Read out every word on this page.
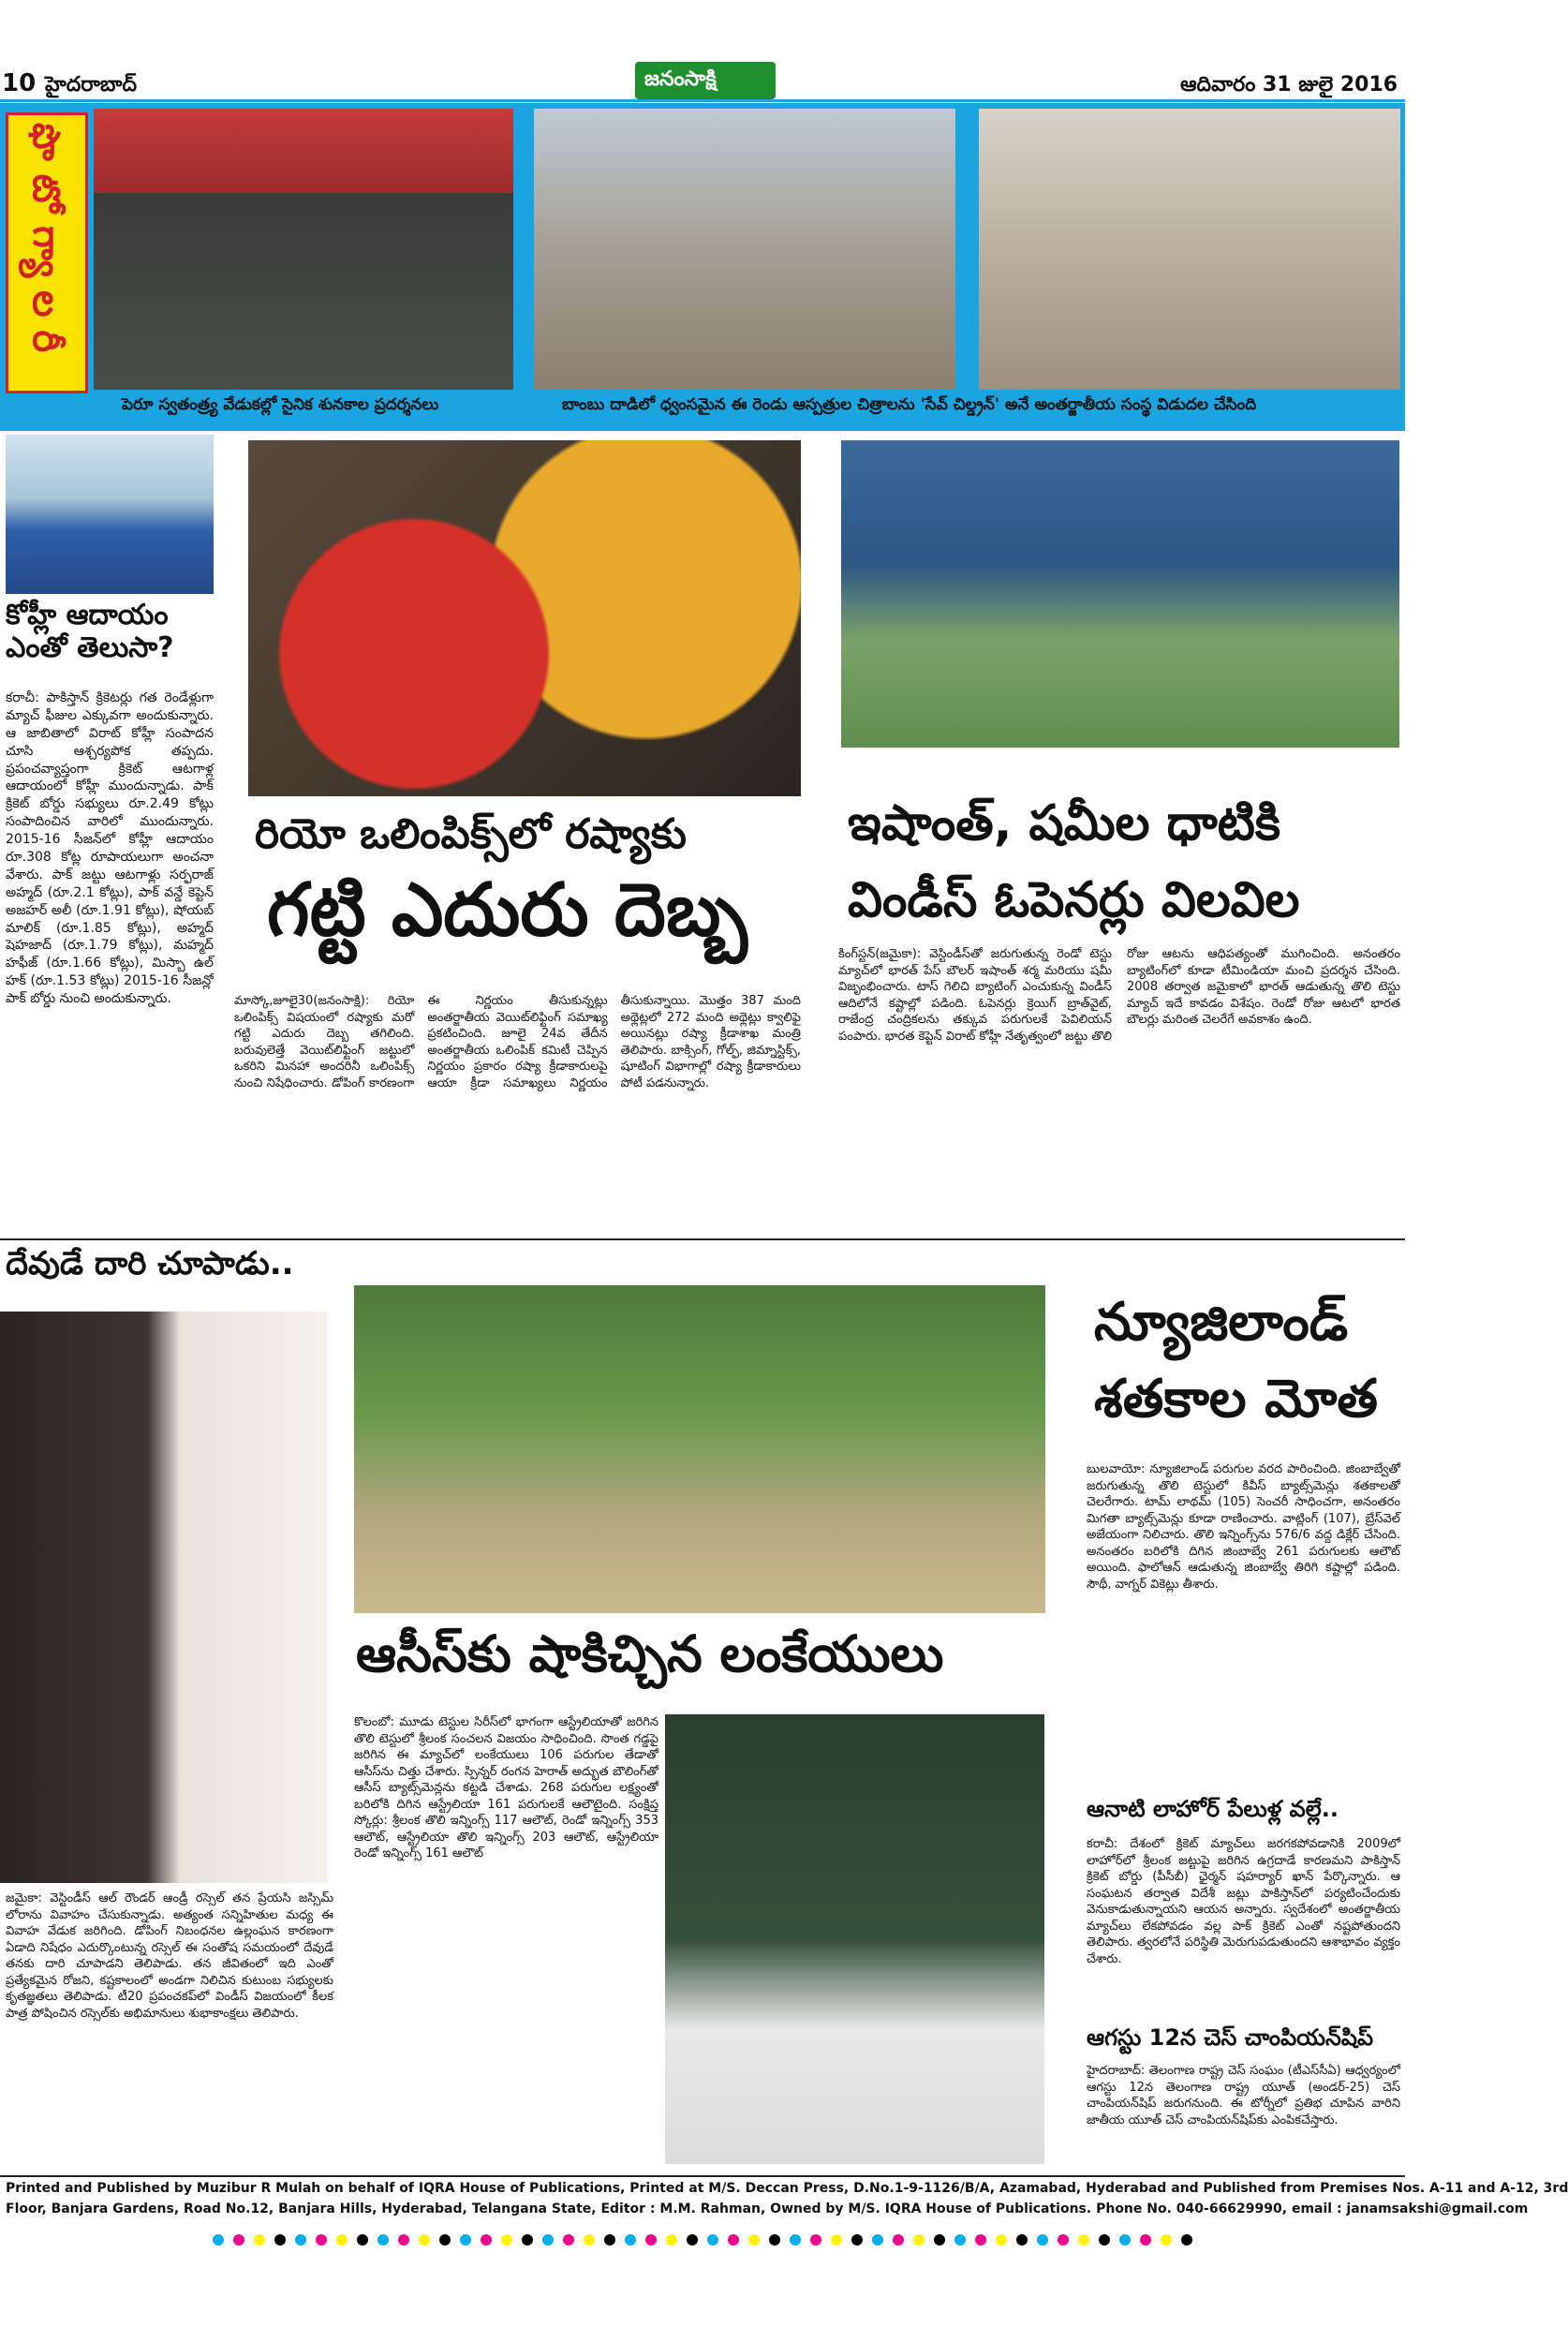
10 హైదరాబాద్	జనంసాక్షి	ఆదివారం 31 జులై 2016
ఫొ టో గ్యా ల రీ
పెరూ స్వతంత్ర్య వేడుకల్లో సైనిక శునకాల ప్రదర్శనలు	బాంబు దాడిలో ధ్వంసమైన ఈ రెండు ఆస్పత్రుల చిత్రాలను 'సేవ్ చిల్డ్రన్' అనే అంతర్జాతీయ సంస్థ విడుదల చేసింది
కోహ్లీ ఆదాయం ఎంతో తెలుసా?
కరాచీ: పాకిస్తాన్ క్రికెటర్లు గత రెండేళ్లుగా మ్యాచ్ ఫీజుల ఎక్కువగా అందుకున్నారు. ఆ జాబితాలో విరాట్ కోహ్లీ సంపాదన చూసి ఆశ్చర్యపోక తప్పదు. ప్రపంచవ్యాప్తంగా క్రికెట్ ఆటగాళ్ల ఆదాయంలో కోహ్లీ ముందున్నాడు. పాక్ క్రికెట్ బోర్డు సభ్యులు రూ.2.49 కోట్లు సంపాదించిన వారిలో ముందున్నారు. 2015-16 సీజన్‌లో కోహ్లీ ఆదాయం రూ.308 కోట్ల రూపాయలుగా అంచనా వేశారు. పాక్ జట్టు ఆటగాళ్లు సర్ఫరాజ్ అహ్మద్ (రూ.2.1 కోట్లు), పాక్ వన్డే కెప్టెన్ అజహర్ అలీ (రూ.1.91 కోట్లు), షోయబ్ మాలిక్ (రూ.1.85 కోట్లు), అహ్మద్ షెహజాద్ (రూ.1.79 కోట్లు), మహ్మద్ హఫీజ్ (రూ.1.66 కోట్లు), మిస్బా ఉల్ హక్ (రూ.1.53 కోట్లు) 2015-16 సీజన్లో పాక్ బోర్డు నుంచి అందుకున్నారు.
రియో ఒలింపిక్స్‌లో రష్యాకు
గట్టి ఎదురు దెబ్బ
మాస్కో,జూలై30(జనంసాక్షి): రియో ఒలింపిక్స్ విషయంలో రష్యాకు మరో గట్టి ఎదురు దెబ్బ తగిలింది. బరువులెత్తే వెయిట్‌లిఫ్టింగ్ జట్టులో ఒకరిని మినహా అందరినీ ఒలింపిక్స్ నుంచి నిషేధించారు. డోపింగ్ కారణంగా ఈ నిర్ణయం తీసుకున్నట్లు అంతర్జాతీయ వెయిట్‌లిఫ్టింగ్ సమాఖ్య ప్రకటించింది. జూలై 24వ తేదీన అంతర్జాతీయ ఒలింపిక్ కమిటీ చెప్పిన నిర్ణయం ప్రకారం రష్యా క్రీడాకారులపై ఆయా క్రీడా సమాఖ్యలు నిర్ణయం తీసుకున్నాయి. మొత్తం 387 మంది అథ్లెట్లలో 272 మంది అథ్లెట్లు క్వాలిఫై అయినట్లు రష్యా క్రీడాశాఖ మంత్రి తెలిపారు. బాక్సింగ్, గోల్ఫ్, జిమ్నాస్టిక్స్, షూటింగ్ విభాగాల్లో రష్యా క్రీడాకారులు పోటీ పడనున్నారు.
ఇషాంత్, షమీల ధాటికి
విండీస్ ఓపెనర్లు విలవిల
కింగ్‌స్టన్(జమైకా): వెస్టిండీస్‌తో జరుగుతున్న రెండో టెస్టు మ్యాచ్‌లో భారత్ పేస్ బౌలర్ ఇషాంత్ శర్మ మరియు షమీ విజృంభించారు. టాస్ గెలిచి బ్యాటింగ్ ఎంచుకున్న విండీస్ ఆదిలోనే కష్టాల్లో పడింది. ఓపెనర్లు క్రెయిగ్ బ్రాత్‌వైట్, రాజేంద్ర చంద్రికలను తక్కువ పరుగులకే పెవిలియన్ పంపారు. భారత కెప్టెన్ విరాట్ కోహ్లీ నేతృత్వంలో జట్టు తొలి రోజు ఆటను ఆధిపత్యంతో ముగించింది. అనంతరం బ్యాటింగ్‌లో కూడా టీమిండియా మంచి ప్రదర్శన చేసింది. 2008 తర్వాత జమైకాలో భారత్ ఆడుతున్న తొలి టెస్టు మ్యాచ్ ఇదే కావడం విశేషం. రెండో రోజు ఆటలో భారత బౌలర్లు మరింత చెలరేగే అవకాశం ఉంది.
దేవుడే దారి చూపాడు..
జమైకా: వెస్టిండీస్ ఆల్ రౌండర్ ఆండ్రీ రస్సెల్ తన ప్రేయసి జస్సిమ్ లోరాను వివాహం చేసుకున్నాడు. అత్యంత సన్నిహితుల మధ్య ఈ వివాహ వేడుక జరిగింది. డోపింగ్ నిబంధనల ఉల్లంఘన కారణంగా ఏడాది నిషేధం ఎదుర్కొంటున్న రస్సెల్ ఈ సంతోష సమయంలో దేవుడే తనకు దారి చూపాడని తెలిపాడు. తన జీవితంలో ఇది ఎంతో ప్రత్యేకమైన రోజని, కష్టకాలంలో అండగా నిలిచిన కుటుంబ సభ్యులకు కృతజ్ఞతలు తెలిపాడు. టీ20 ప్రపంచకప్‌లో విండీస్ విజయంలో కీలక పాత్ర పోషించిన రస్సెల్‌కు అభిమానులు శుభాకాంక్షలు తెలిపారు.
ఆసీస్‌కు షాకిచ్చిన లంకేయులు
కొలంబో: మూడు టెస్టుల సిరీస్‌లో భాగంగా ఆస్ట్రేలియాతో జరిగిన తొలి టెస్టులో శ్రీలంక సంచలన విజయం సాధించింది. సొంత గడ్డపై జరిగిన ఈ మ్యాచ్‌లో లంకేయులు 106 పరుగుల తేడాతో ఆసీస్‌ను చిత్తు చేశారు. స్పిన్నర్ రంగన హెరాత్ అద్భుత బౌలింగ్‌తో ఆసీస్ బ్యాట్స్‌మెన్లను కట్టడి చేశాడు. 268 పరుగుల లక్ష్యంతో బరిలోకి దిగిన ఆస్ట్రేలియా 161 పరుగులకే ఆలౌటైంది. సంక్షిప్త స్కోర్లు: శ్రీలంక తొలి ఇన్నింగ్స్ 117 ఆలౌట్, రెండో ఇన్నింగ్స్ 353 ఆలౌట్, ఆస్ట్రేలియా తొలి ఇన్నింగ్స్ 203 ఆలౌట్, ఆస్ట్రేలియా రెండో ఇన్నింగ్స్ 161 ఆలౌట్
న్యూజిలాండ్
శతకాల మోత
బులవాయో: న్యూజిలాండ్ పరుగుల వరద పారించింది. జింబాబ్వేతో జరుగుతున్న తొలి టెస్టులో కివీస్ బ్యాట్స్‌మెన్లు శతకాలతో చెలరేగారు. టామ్ లాథమ్ (105) సెంచరీ సాధించగా, అనంతరం మిగతా బ్యాట్స్‌మెన్లు కూడా రాణించారు. వాట్లింగ్ (107), బ్రేస్‌వెల్ అజేయంగా నిలిచారు. తొలి ఇన్నింగ్స్‌ను 576/6 వద్ద డిక్లేర్ చేసింది. అనంతరం బరిలోకి దిగిన జింబాబ్వే 261 పరుగులకు ఆలౌట్ అయింది. ఫాలోఆన్ ఆడుతున్న జింబాబ్వే తిరిగి కష్టాల్లో పడింది. సౌథీ, వాగ్నర్ వికెట్లు తీశారు.
ఆనాటి లాహోర్ పేలుళ్ల వల్లే..
కరాచీ: దేశంలో క్రికెట్ మ్యాచ్‌లు జరగకపోవడానికి 2009లో లాహోర్‌లో శ్రీలంక జట్టుపై జరిగిన ఉగ్రదాడే కారణమని పాకిస్తాన్ క్రికెట్ బోర్డు (పీసీబీ) ఛైర్మన్ షహర్యార్ ఖాన్ పేర్కొన్నారు. ఆ సంఘటన తర్వాత విదేశీ జట్లు పాకిస్తాన్‌లో పర్యటించేందుకు వెనుకాడుతున్నాయని ఆయన అన్నారు. స్వదేశంలో అంతర్జాతీయ మ్యాచ్‌లు లేకపోవడం వల్ల పాక్ క్రికెట్ ఎంతో నష్టపోతుందని తెలిపారు. త్వరలోనే పరిస్థితి మెరుగుపడుతుందని ఆశాభావం వ్యక్తం చేశారు.
ఆగస్టు 12న చెస్ చాంపియన్‌షిప్
హైదరాబాద్: తెలంగాణ రాష్ట్ర చెస్ సంఘం (టీఎస్‌సీఏ) ఆధ్వర్యంలో ఆగస్టు 12న తెలంగాణ రాష్ట్ర యూత్ (అండర్-25) చెస్ చాంపియన్‌షిప్ జరుగనుంది. ఈ టోర్నీలో ప్రతిభ చూపిన వారిని జాతీయ యూత్ చెస్ చాంపియన్‌షిప్‌కు ఎంపికచేస్తారు.
Printed and Published by Muzibur R Mulah on behalf of IQRA House of Publications, Printed at M/S. Deccan Press, D.No.1-9-1126/B/A, Azamabad, Hyderabad and Published from Premises Nos. A-11 and A-12, 3rd
Floor, Banjara Gardens, Road No.12, Banjara Hills, Hyderabad, Telangana State, Editor : M.M. Rahman, Owned by M/S. IQRA House of Publications. Phone No. 040-66629990, email : janamsakshi@gmail.com
